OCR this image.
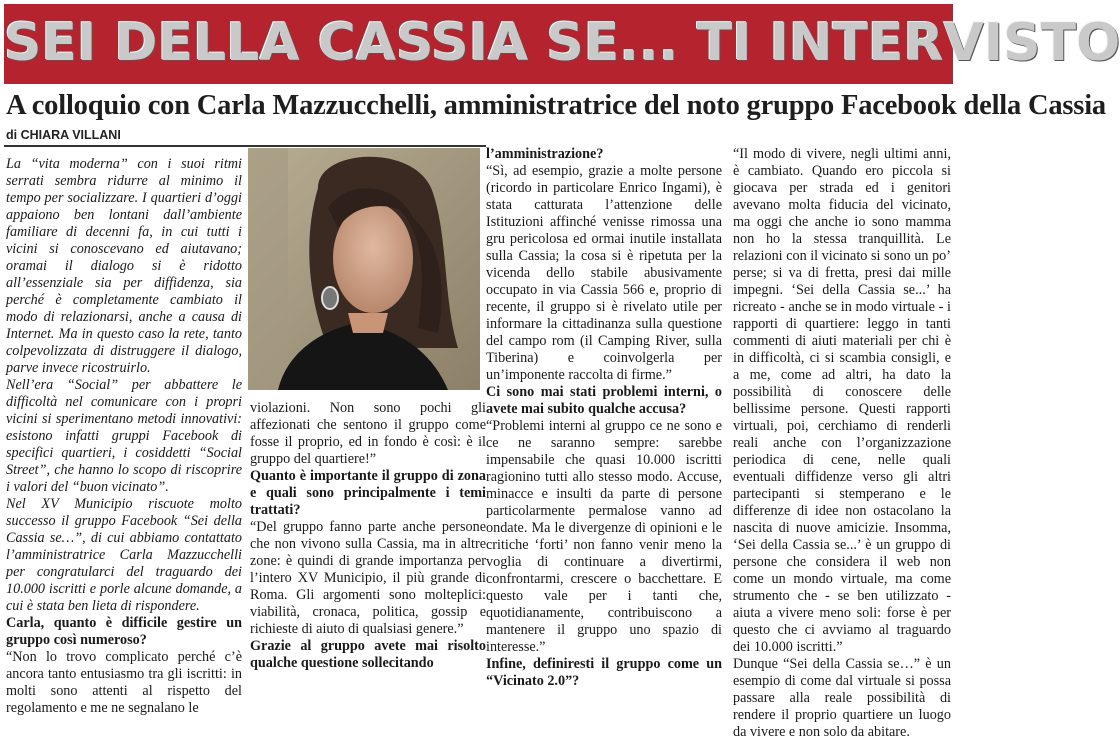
SEI DELLA CASSIA SE... TI INTERVISTO
A colloquio con Carla Mazzucchelli, amministratrice del noto gruppo Facebook della Cassia
di CHIARA VILLANI

La “vita moderna” con i suoi ritmi serrati sembra ridurre al minimo il tempo per socializzare. I quartieri d’oggi appaiono ben lontani dall’ambiente familiare di decenni fa, in cui tutti i vicini si conoscevano ed aiutavano; oramai il dialogo si è ridotto all’essenziale sia per diffidenza, sia perché è completamente cambiato il modo di relazionarsi, anche a causa di Internet. Ma in questo caso la rete, tanto colpevolizzata di distruggere il dialogo, parve invece ricostruirlo.

Nell’era “Social” per abbattere le difficoltà nel comunicare con i propri vicini si sperimentano metodi innovativi: esistono infatti gruppi Facebook di specifici quartieri, i cosiddetti “Social Street”, che hanno lo scopo di riscoprire i valori del “buon vicinato”.

Nel XV Municipio riscuote molto successo il gruppo Facebook “Sei della Cassia se…”, di cui abbiamo contattato l’amministratrice Carla Mazzucchelli per congratularci del traguardo dei 10.000 iscritti e porle alcune domande, a cui è stata ben lieta di rispondere.

Carla, quanto è difficile gestire un gruppo così numeroso?

“Non lo trovo complicato perché c’è ancora tanto entusiasmo tra gli iscritti: in molti sono attenti al rispetto del regolamento e me ne segnalano le

violazioni. Non sono pochi gli affezionati che sentono il gruppo come fosse il proprio, ed in fondo è così: è il gruppo del quartiere!”

Quanto è importante il gruppo di zona e quali sono principalmente i temi trattati?

“Del gruppo fanno parte anche persone che non vivono sulla Cassia, ma in altre zone: è quindi di grande importanza per l’intero XV Municipio, il più grande di Roma. Gli argomenti sono molteplici: viabilità, cronaca, politica, gossip e richieste di aiuto di qualsiasi genere.”

Grazie al gruppo avete mai risolto qualche questione sollecitando

l’amministrazione?

“Sì, ad esempio, grazie a molte persone (ricordo in particolare Enrico Ingami), è stata catturata l’attenzione delle Istituzioni affinché venisse rimossa una gru pericolosa ed ormai inutile installata sulla Cassia; la cosa si è ripetuta per la vicenda dello stabile abusivamente occupato in via Cassia 566 e, proprio di recente, il gruppo si è rivelato utile per informare la cittadinanza sulla questione del campo rom (il Camping River, sulla Tiberina) e coinvolgerla per un’imponente raccolta di firme.”

Ci sono mai stati problemi interni, o avete mai subito qualche accusa?

“Problemi interni al gruppo ce ne sono e ce ne saranno sempre: sarebbe impensabile che quasi 10.000 iscritti ragionino tutti allo stesso modo. Accuse, minacce e insulti da parte di persone particolarmente permalose vanno ad ondate. Ma le divergenze di opinioni e le critiche ‘forti’ non fanno venir meno la voglia di continuare a divertirmi, confrontarmi, crescere o bacchettare. E questo vale per i tanti che, quotidianamente, contribuiscono a mantenere il gruppo uno spazio di interesse.”

Infine, definiresti il gruppo come un “Vicinato 2.0”?

“Il modo di vivere, negli ultimi anni, è cambiato. Quando ero piccola si giocava per strada ed i genitori avevano molta fiducia del vicinato, ma oggi che anche io sono mamma non ho la stessa tranquillità. Le relazioni con il vicinato si sono un po’ perse; si va di fretta, presi dai mille impegni. ‘Sei della Cassia se...’ ha ricreato - anche se in modo virtuale - i rapporti di quartiere: leggo in tanti commenti di aiuti materiali per chi è in difficoltà, ci si scambia consigli, e a me, come ad altri, ha dato la possibilità di conoscere delle bellissime persone. Questi rapporti virtuali, poi, cerchiamo di renderli reali anche con l’organizzazione periodica di cene, nelle quali eventuali diffidenze verso gli altri partecipanti si stemperano e le differenze di idee non ostacolano la nascita di nuove amicizie. Insomma, ‘Sei della Cassia se...’ è un gruppo di persone che considera il web non come un mondo virtuale, ma come strumento che - se ben utilizzato - aiuta a vivere meno soli: forse è per questo che ci avviamo al traguardo dei 10.000 iscritti.”

Dunque “Sei della Cassia se…” è un esempio di come dal virtuale si possa passare alla reale possibilità di rendere il proprio quartiere un luogo da vivere e non solo da abitare.
